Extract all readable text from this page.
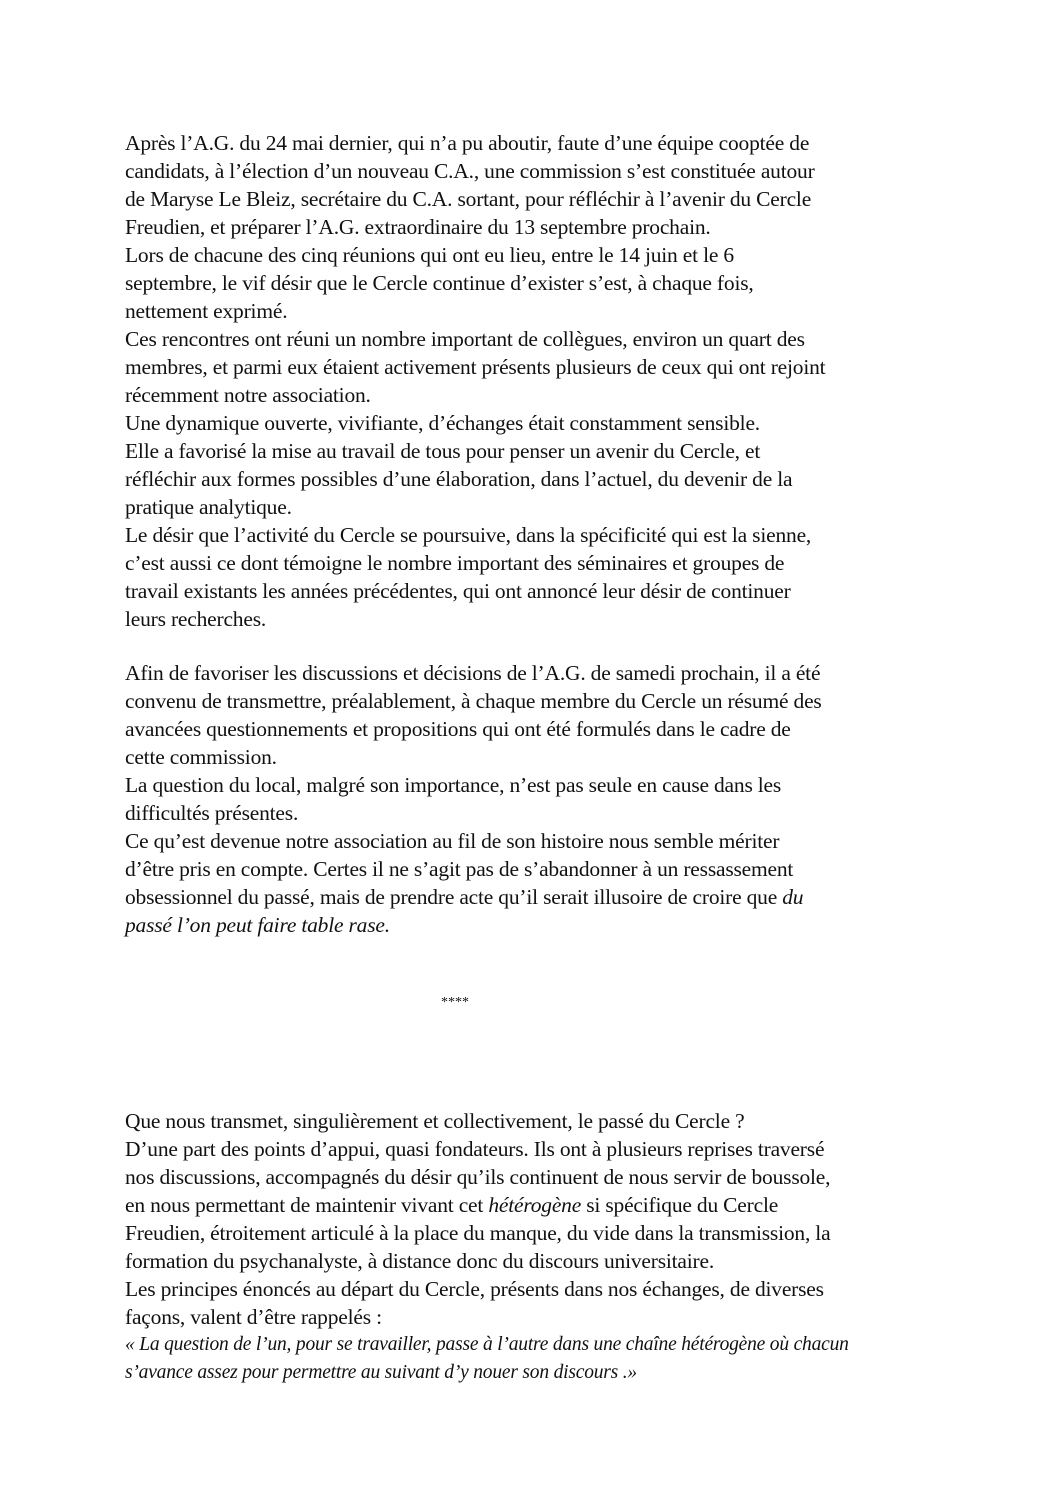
Après l’A.G. du 24 mai dernier, qui n’a pu aboutir, faute d’une équipe cooptée de
candidats, à l’élection d’un nouveau C.A., une commission s’est constituée autour
de Maryse Le Bleiz, secrétaire du C.A. sortant, pour réfléchir à l’avenir du Cercle
Freudien, et préparer l’A.G. extraordinaire du 13 septembre prochain.
Lors de chacune des cinq réunions qui ont eu lieu, entre le 14 juin et le 6
septembre, le vif désir que le Cercle continue d’exister s’est, à chaque fois,
nettement exprimé.
Ces rencontres ont réuni un nombre important de collègues, environ un quart des
membres, et parmi eux étaient activement présents plusieurs de ceux qui ont rejoint
récemment notre association.
Une dynamique ouverte, vivifiante, d’échanges était constamment sensible.
Elle a favorisé la mise au travail de tous pour penser un avenir du Cercle, et
réfléchir aux formes possibles d’une élaboration, dans l’actuel, du devenir de la
pratique analytique.
Le désir que l’activité du Cercle se poursuive, dans la spécificité qui est la sienne,
c’est aussi ce dont témoigne le nombre important des séminaires et groupes de
travail existants les années précédentes, qui ont annoncé leur désir de continuer
leurs recherches.
Afin de favoriser les discussions et décisions de l’A.G. de samedi prochain, il a été
convenu de transmettre, préalablement, à chaque membre du Cercle un résumé des
avancées questionnements et propositions qui ont été formulés dans le cadre de
cette commission.
La question du local, malgré son importance, n’est pas seule en cause dans les
difficultés présentes.
Ce qu’est devenue notre association au fil de son histoire nous semble mériter
d’être pris en compte. Certes il ne s’agit pas de s’abandonner à un ressassement
obsessionnel du passé, mais de prendre acte qu’il serait illusoire de croire que du
passé l’on peut faire table rase.
****
Que nous transmet, singulièrement et collectivement, le passé du Cercle ?
D’une part des points d’appui, quasi fondateurs. Ils ont à plusieurs reprises traversé
nos discussions, accompagnés du désir qu’ils continuent de nous servir de boussole,
en nous permettant de maintenir vivant cet hétérogène si spécifique du Cercle
Freudien, étroitement articulé à la place du manque, du vide dans la transmission, la
formation du psychanalyste, à distance donc du discours universitaire.
Les principes énoncés au départ du Cercle, présents dans nos échanges, de diverses
façons, valent d’être rappelés :
« La question de l’un, pour se travailler, passe à l’autre dans une chaîne hétérogène où chacun
s’avance assez pour permettre au suivant d’y nouer son discours .»
